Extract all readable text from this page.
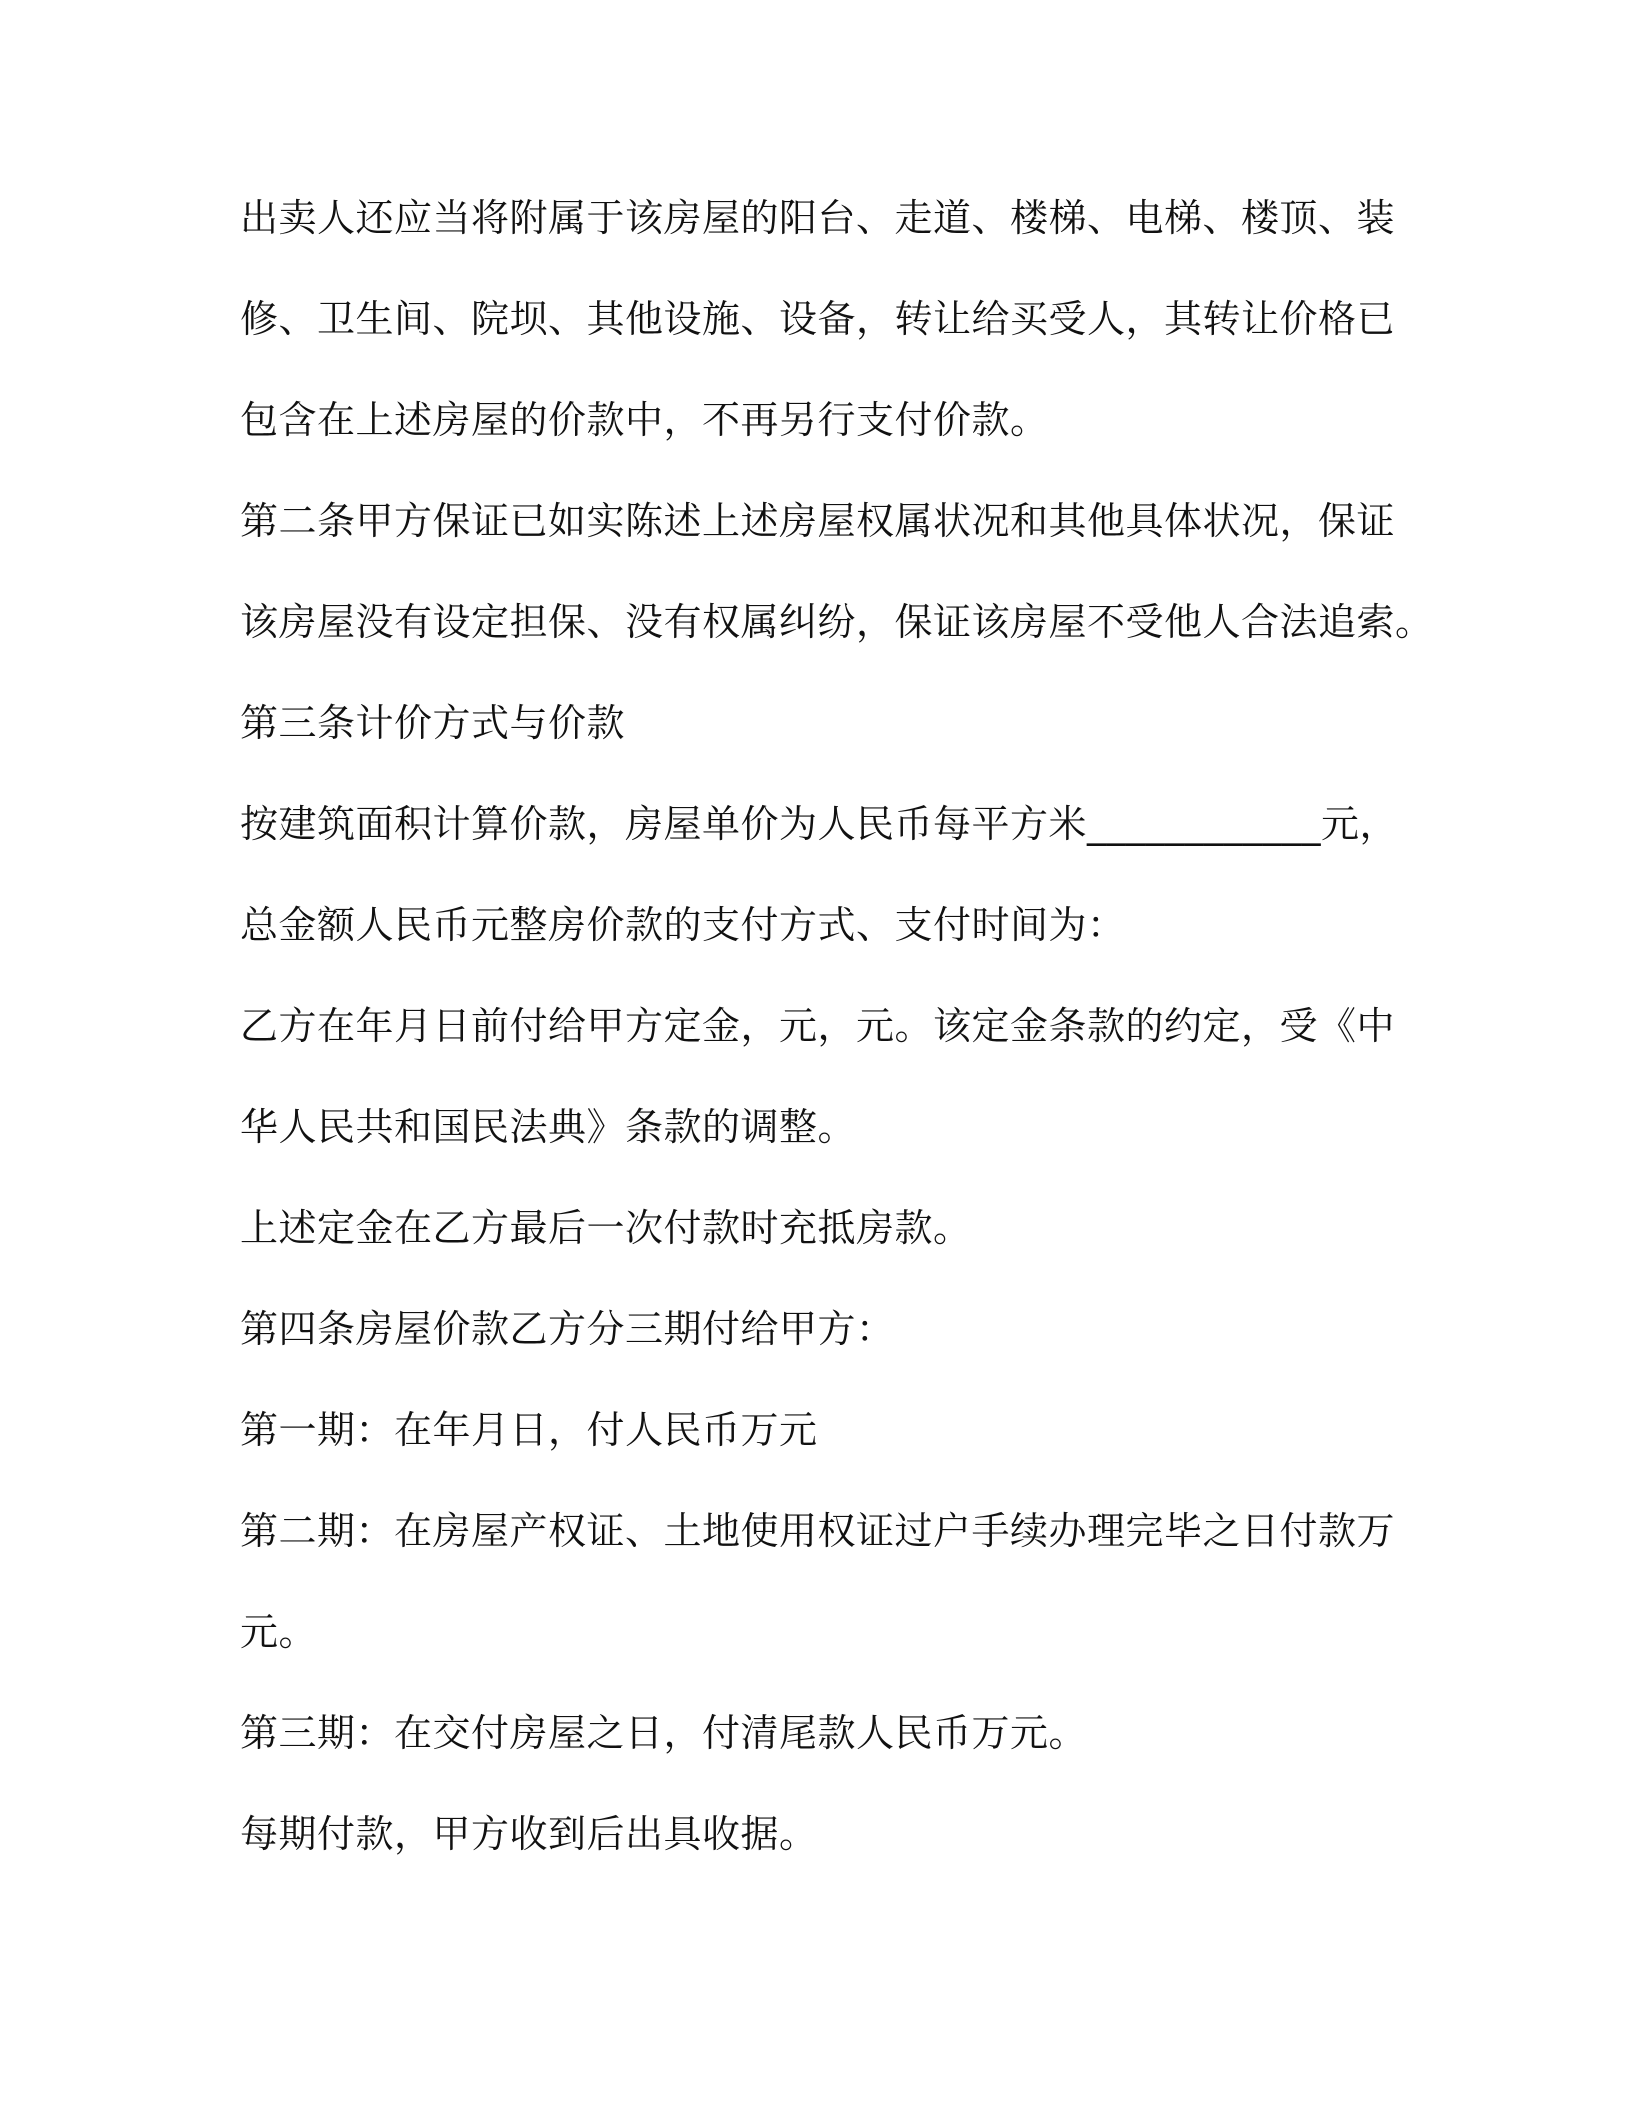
出卖人还应当将附属于该房屋的阳台、走道、楼梯、电梯、楼顶、装
修、卫生间、院坝、其他设施、设备，转让给买受人，其转让价格已
包含在上述房屋的价款中，不再另行支付价款。
第二条甲方保证已如实陈述上述房屋权属状况和其他具体状况，保证
该房屋没有设定担保、没有权属纠纷，保证该房屋不受他人合法追索。
第三条计价方式与价款
按建筑面积计算价款，房屋单价为人民币每平方米____________元，
总金额人民币元整房价款的支付方式、支付时间为：
乙方在年月日前付给甲方定金，元，元。该定金条款的约定，受《中
华人民共和国民法典》条款的调整。
上述定金在乙方最后一次付款时充抵房款。
第四条房屋价款乙方分三期付给甲方：
第一期：在年月日，付人民币万元
第二期：在房屋产权证、土地使用权证过户手续办理完毕之日付款万
元。
第三期：在交付房屋之日，付清尾款人民币万元。
每期付款，甲方收到后出具收据。
